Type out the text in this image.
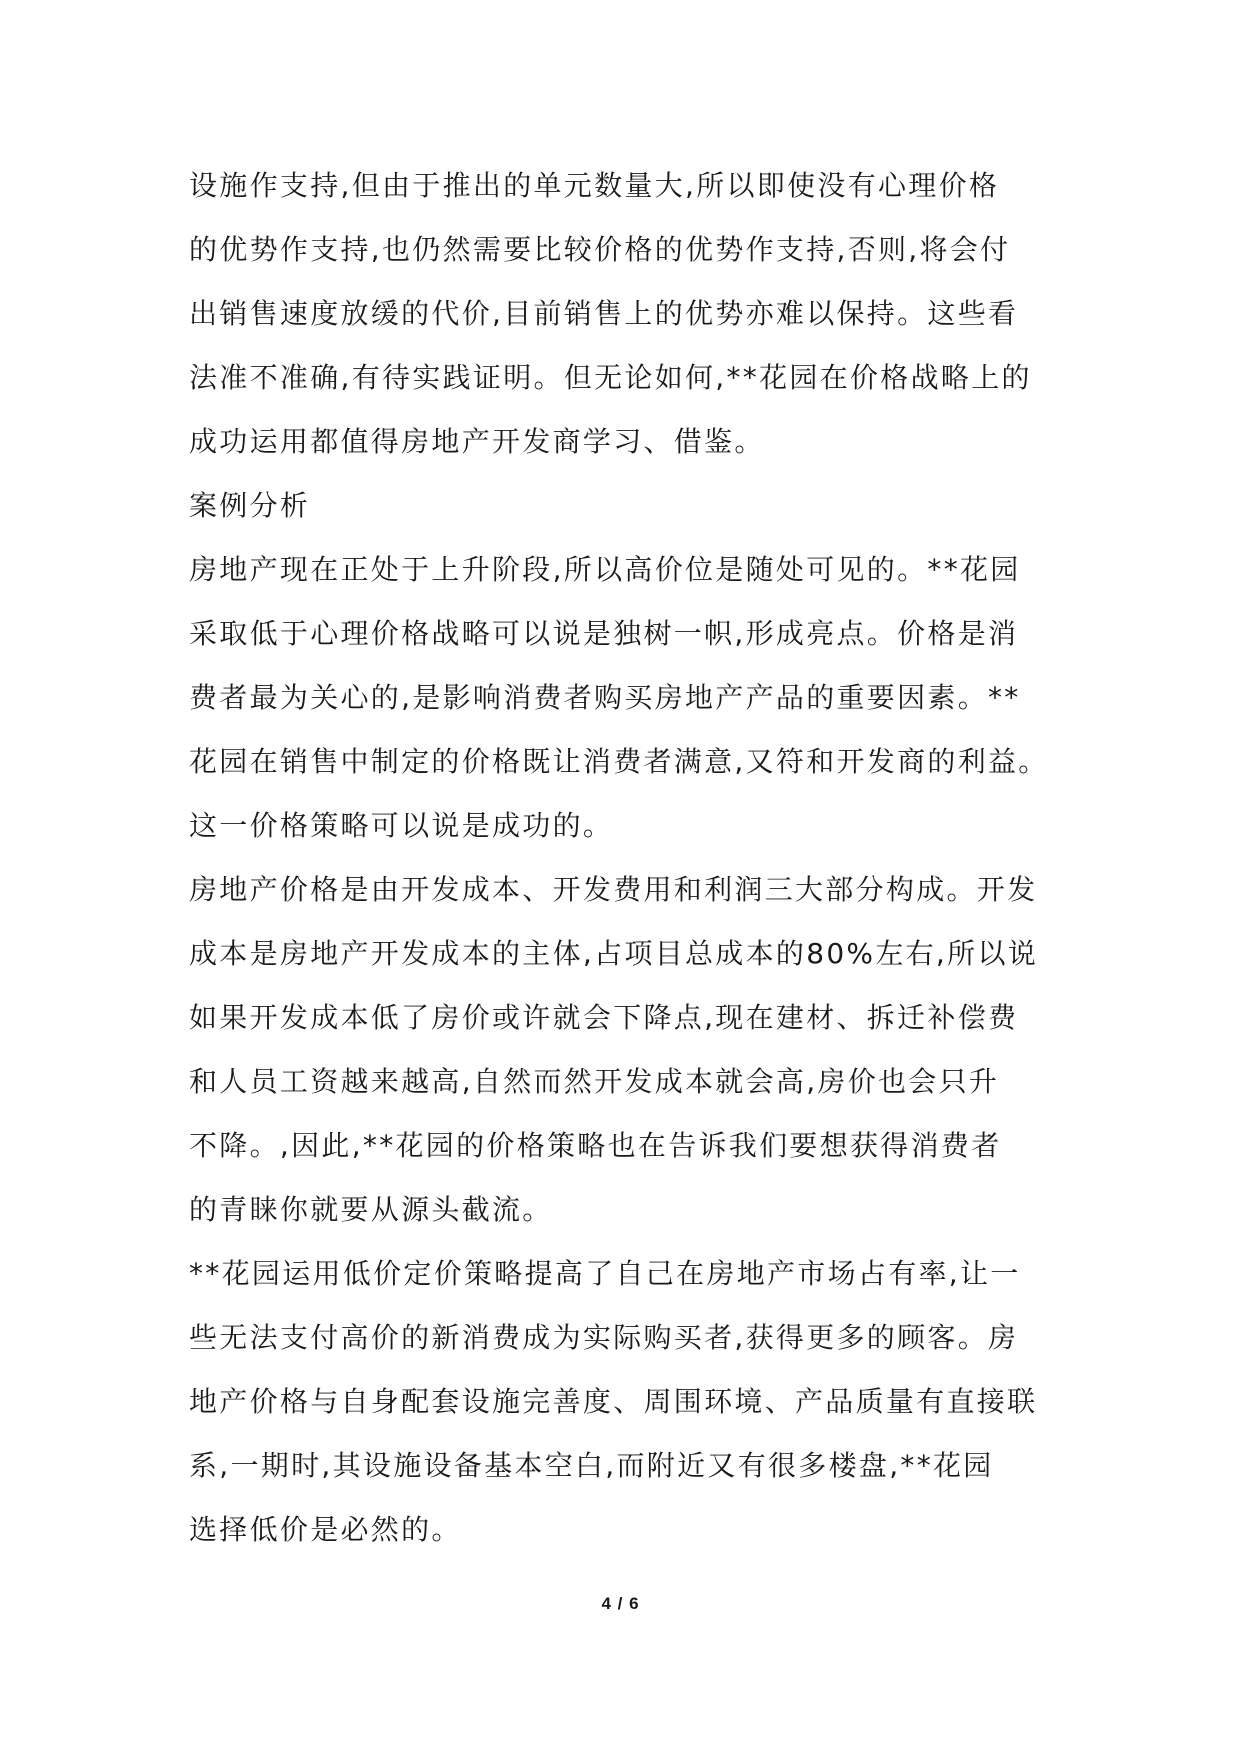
设施作支持,但由于推出的单元数量大,所以即使没有心理价格
的优势作支持,也仍然需要比较价格的优势作支持,否则,将会付
出销售速度放缓的代价,目前销售上的优势亦难以保持。这些看
法准不准确,有待实践证明。但无论如何,**花园在价格战略上的
成功运用都值得房地产开发商学习、借鉴。
案例分析
房地产现在正处于上升阶段,所以高价位是随处可见的。**花园
采取低于心理价格战略可以说是独树一帜,形成亮点。价格是消
费者最为关心的,是影响消费者购买房地产产品的重要因素。**
花园在销售中制定的价格既让消费者满意,又符和开发商的利益。
这一价格策略可以说是成功的。
房地产价格是由开发成本、开发费用和利润三大部分构成。开发
成本是房地产开发成本的主体,占项目总成本的80%左右,所以说
如果开发成本低了房价或许就会下降点,现在建材、拆迁补偿费
和人员工资越来越高,自然而然开发成本就会高,房价也会只升
不降。,因此,**花园的价格策略也在告诉我们要想获得消费者
的青睐你就要从源头截流。
**花园运用低价定价策略提高了自己在房地产市场占有率,让一
些无法支付高价的新消费成为实际购买者,获得更多的顾客。房
地产价格与自身配套设施完善度、周围环境、产品质量有直接联
系,一期时,其设施设备基本空白,而附近又有很多楼盘,**花园
选择低价是必然的。
4 / 6
